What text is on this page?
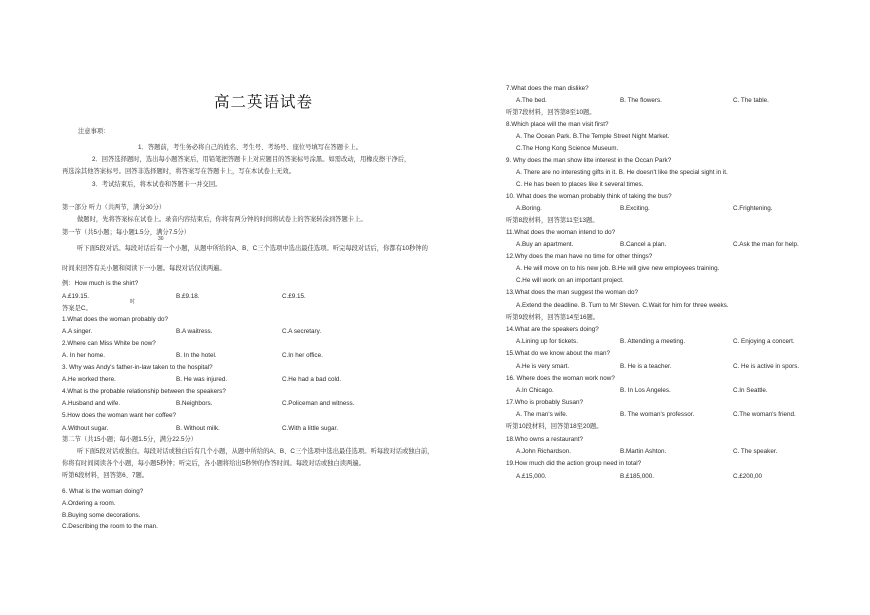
高二英语试卷
30
时
注意事项：
1．答题前，考生务必将自己的姓名、考生号、考场号、座位号填写在答题卡上。
2．回答选择题时，选出每小题答案后，用铅笔把答题卡上对应题目的答案标号涂黑。如需改动，用橡皮擦干净后，
再选涂其他答案标号。回答非选择题时，将答案写在答题卡上，写在本试卷上无效。
3．考试结束后，将本试卷和答题卡一并交回。
第一部分 听力（共两节，满分30分）
做题时，先将答案标在试卷上。录音内容结束后，你将有两分钟的时间将试卷上的答案转涂到答题卡上。
第一节（共5小题；每小题1.5分，满分7.5分）
听下面5段对话。每段对话后有一个小题，从题中所给的A、B、C三个选项中选出最佳选项。听完每段对话后，你都有10秒钟的
时间来回答有关小题和阅读下一小题。每段对话仅读两遍。
例：How much is the shirt?
A.£19.15.	B.£9.18.	C.£9.15.
答案是C。
1.What does the woman probably do?
A.A singer.	B.A waitress.	C.A secretary.
2.Where can Miss White be now?
A. In her home.	B. In the hotel.	C.In her office.
3. Why was Andy's father-in-law taken to the hospital?
A.He worked there.	B. He was injured.	C.He had a bad cold.
4.What is the probable relationship between the speakers?
A.Husband and wife.	B.Neighbors.	C.Policeman and witness.
5.How does the woman want her coffee?
A.Without sugar.	B. Without milk.	C.With a little sugar.
第二节（共15小题；每小题1.5分，满分22.5分）
听下面5段对话或独白。每段对话或独白后有几个小题，从题中所给的A、B、C三个选项中选出最佳选项。听每段对话或独白前，
你将有时间阅读各个小题，每小题5秒钟；听完后，各小题将给出5秒钟的作答时间。每段对话或独白读两遍。
听第6段材料，回答第6、7题。
6. What is the woman doing?
A.Ordering a room.
B.Buying some decorations.
C.Describing the room to the man.
7.What does the man dislike?
A.The bed.	B. The flowers.	C. The table.
听第7段材料，回答第8至10题。
8.Which place will the man visit first?
A. The Ocean Park. B.The Temple Street Night Market.
C.The Hong Kong Science Museum.
9. Why does the man show litte interest in the Occan Park?
A. There are no interesting gifts in it. B. He doesn't like the special sight in it.
C. He has been to places like it several times.
10. What does the woman probably think of taking the bus?
A.Boring.	B.Exciting.	C.Frightening.
听第8段材料，回答第11至13题。
11.What does the woman intend to do?
A.Buy an apartment.	B.Cancel a plan.	C.Ask the man for help.
12.Why does the man have no time for other things?
A. He will move on to his new job. B.He will give new employees training.
C.He will work on an important project.
13.What does the man suggest the woman do?
A.Extend the deadline. B. Turn to Mr Steven. C.Wait for him for three weeks.
听第9段材料，回答第14至16题。
14.What are the speakers doing?
A.Lining up for tickets.	B. Attending a meeting.	C. Enjoying a concert.
15.What do we know about the man?
A.He is very smart.	B. He is a teacher.	C. He is active in spors.
16. Where does the woman work now?
A.In Chicago.	B. In Los Angeles.	C.In Seattle.
17.Who is probably Susan?
A. The man's wife.	B. The woman's professor.	C.The woman's friend.
听第10段材料，回答第18至20题。
18.Who owns a restaurant?
A.John Richardson.	B.Martin Ashton.	C. The speaker.
19.How much did the action group need in total?
A.£15,000.	B.£185,000.	C.£200,00
